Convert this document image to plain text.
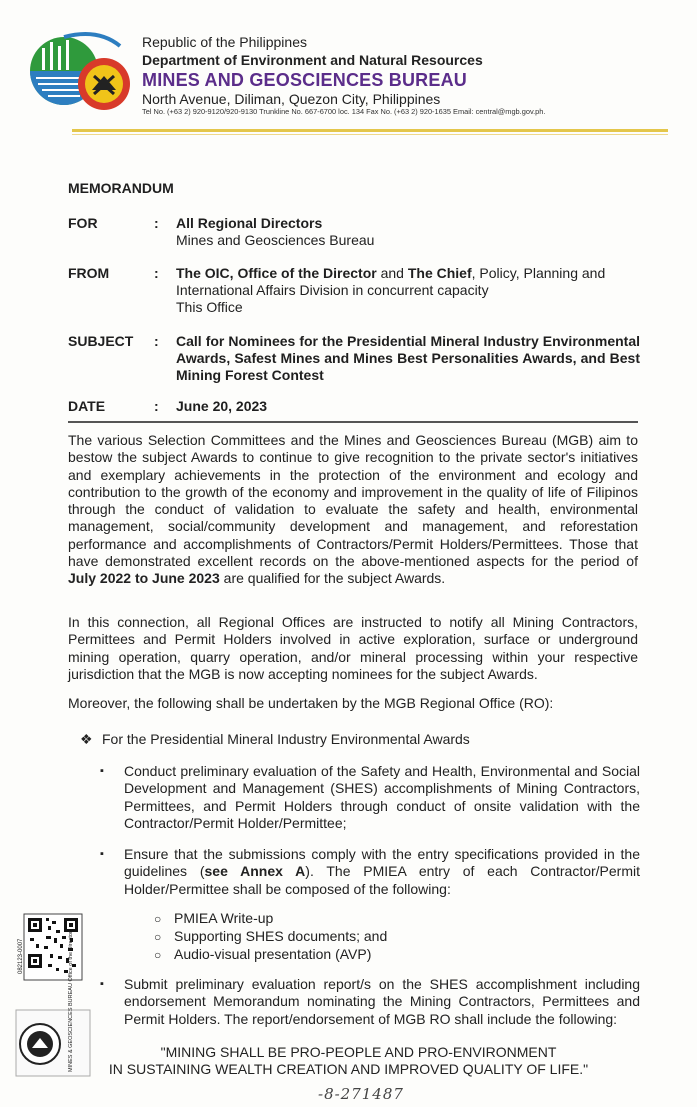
Republic of the Philippines
Department of Environment and Natural Resources
MINES AND GEOSCIENCES BUREAU
North Avenue, Diliman, Quezon City, Philippines
Tel No. (+63 2) 920-9120/920-9130 Trunkline No. 667-6700 loc. 134 Fax No. (+63 2) 920-1635 Email: central@mgb.gov.ph.
MEMORANDUM
FOR	: All Regional Directors
Mines and Geosciences Bureau
FROM	: The OIC, Office of the Director and The Chief, Policy, Planning and International Affairs Division in concurrent capacity
This Office
SUBJECT : Call for Nominees for the Presidential Mineral Industry Environmental Awards, Safest Mines and Mines Best Personalities Awards, and Best Mining Forest Contest
DATE	: June 20, 2023
The various Selection Committees and the Mines and Geosciences Bureau (MGB) aim to bestow the subject Awards to continue to give recognition to the private sector's initiatives and exemplary achievements in the protection of the environment and ecology and contribution to the growth of the economy and improvement in the quality of life of Filipinos through the conduct of validation to evaluate the safety and health, environmental management, social/community development and management, and reforestation performance and accomplishments of Contractors/Permit Holders/Permittees. Those that have demonstrated excellent records on the above-mentioned aspects for the period of July 2022 to June 2023 are qualified for the subject Awards.
In this connection, all Regional Offices are instructed to notify all Mining Contractors, Permittees and Permit Holders involved in active exploration, surface or underground mining operation, quarry operation, and/or mineral processing within your respective jurisdiction that the MGB is now accepting nominees for the subject Awards.
Moreover, the following shall be undertaken by the MGB Regional Office (RO):
❖ For the Presidential Mineral Industry Environmental Awards
▪ Conduct preliminary evaluation of the Safety and Health, Environmental and Social Development and Management (SHES) accomplishments of Mining Contractors, Permittees, and Permit Holders through conduct of onsite validation with the Contractor/Permit Holder/Permittee;
▪ Ensure that the submissions comply with the entry specifications provided in the guidelines (see Annex A). The PMIEA entry of each Contractor/Permit Holder/Permittee shall be composed of the following:
○ PMIEA Write-up
○ Supporting SHES documents; and
○ Audio-visual presentation (AVP)
▪ Submit preliminary evaluation report/s on the SHES accomplishment including endorsement Memorandum nominating the Mining Contractors, Permittees and Permit Holders. The report/endorsement of MGB RO shall include the following:
"MINING SHALL BE PRO-PEOPLE AND PRO-ENVIRONMENT
IN SUSTAINING WEALTH CREATION AND IMPROVED QUALITY OF LIFE."
-8-271487
082123-0007	MINES & GEOSCIENCES BUREAU Office of the Director
